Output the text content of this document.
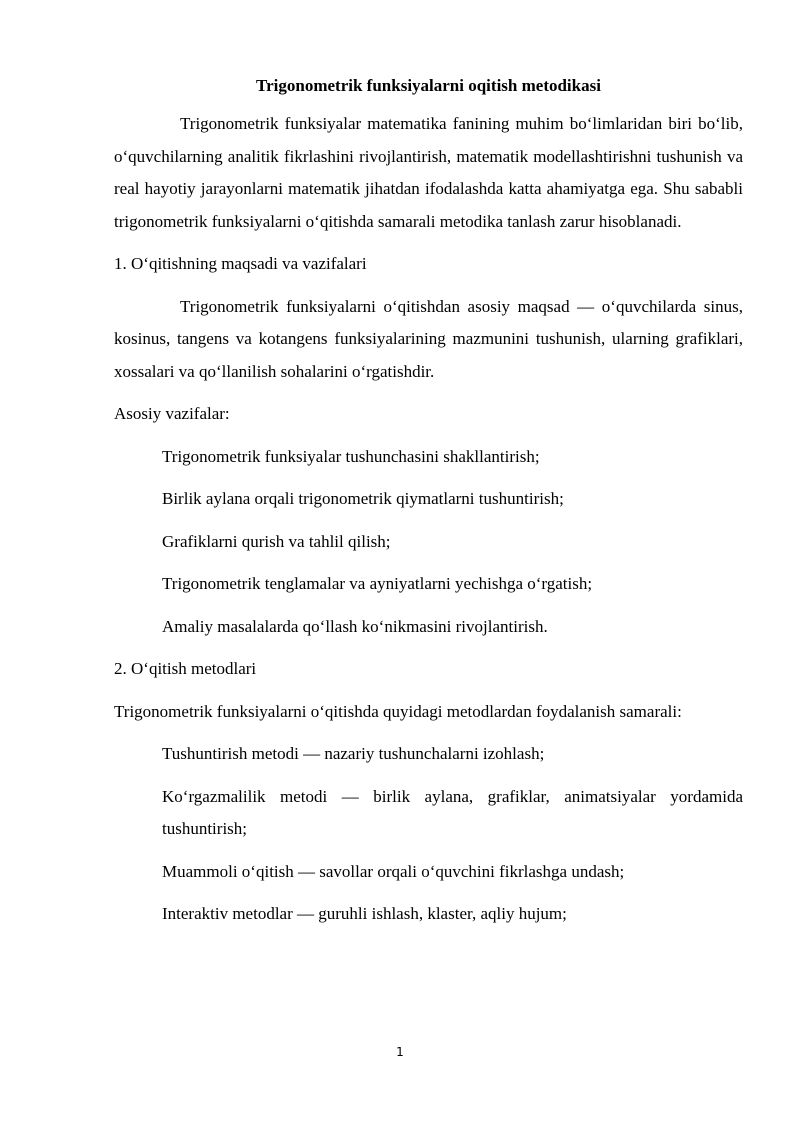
Trigonometrik funksiyalarni oqitish metodikasi

Trigonometrik funksiyalar matematika fanining muhim bo‘limlaridan biri bo‘lib, o‘quvchilarning analitik fikrlashini rivojlantirish, matematik modellashtirishni tushunish va real hayotiy jarayonlarni matematik jihatdan ifodalashda katta ahamiyatga ega. Shu sababli trigonometrik funksiyalarni o‘qitishda samarali metodika tanlash zarur hisoblanadi.

1. O‘qitishning maqsadi va vazifalari

Trigonometrik funksiyalarni o‘qitishdan asosiy maqsad — o‘quvchilarda sinus, kosinus, tangens va kotangens funksiyalarining mazmunini tushunish, ularning grafiklari, xossalari va qo‘llanilish sohalarini o‘rgatishdir.

Asosiy vazifalar:

Trigonometrik funksiyalar tushunchasini shakllantirish;

Birlik aylana orqali trigonometrik qiymatlarni tushuntirish;

Grafiklarni qurish va tahlil qilish;

Trigonometrik tenglamalar va ayniyatlarni yechishga o‘rgatish;

Amaliy masalalarda qo‘llash ko‘nikmasini rivojlantirish.

2. O‘qitish metodlari

Trigonometrik funksiyalarni o‘qitishda quyidagi metodlardan foydalanish samarali:

Tushuntirish metodi — nazariy tushunchalarni izohlash;

Ko‘rgazmalilik metodi — birlik aylana, grafiklar, animatsiyalar yordamida tushuntirish;

Muammoli o‘qitish — savollar orqali o‘quvchini fikrlashga undash;

Interaktiv metodlar — guruhli ishlash, klaster, aqliy hujum;

1
